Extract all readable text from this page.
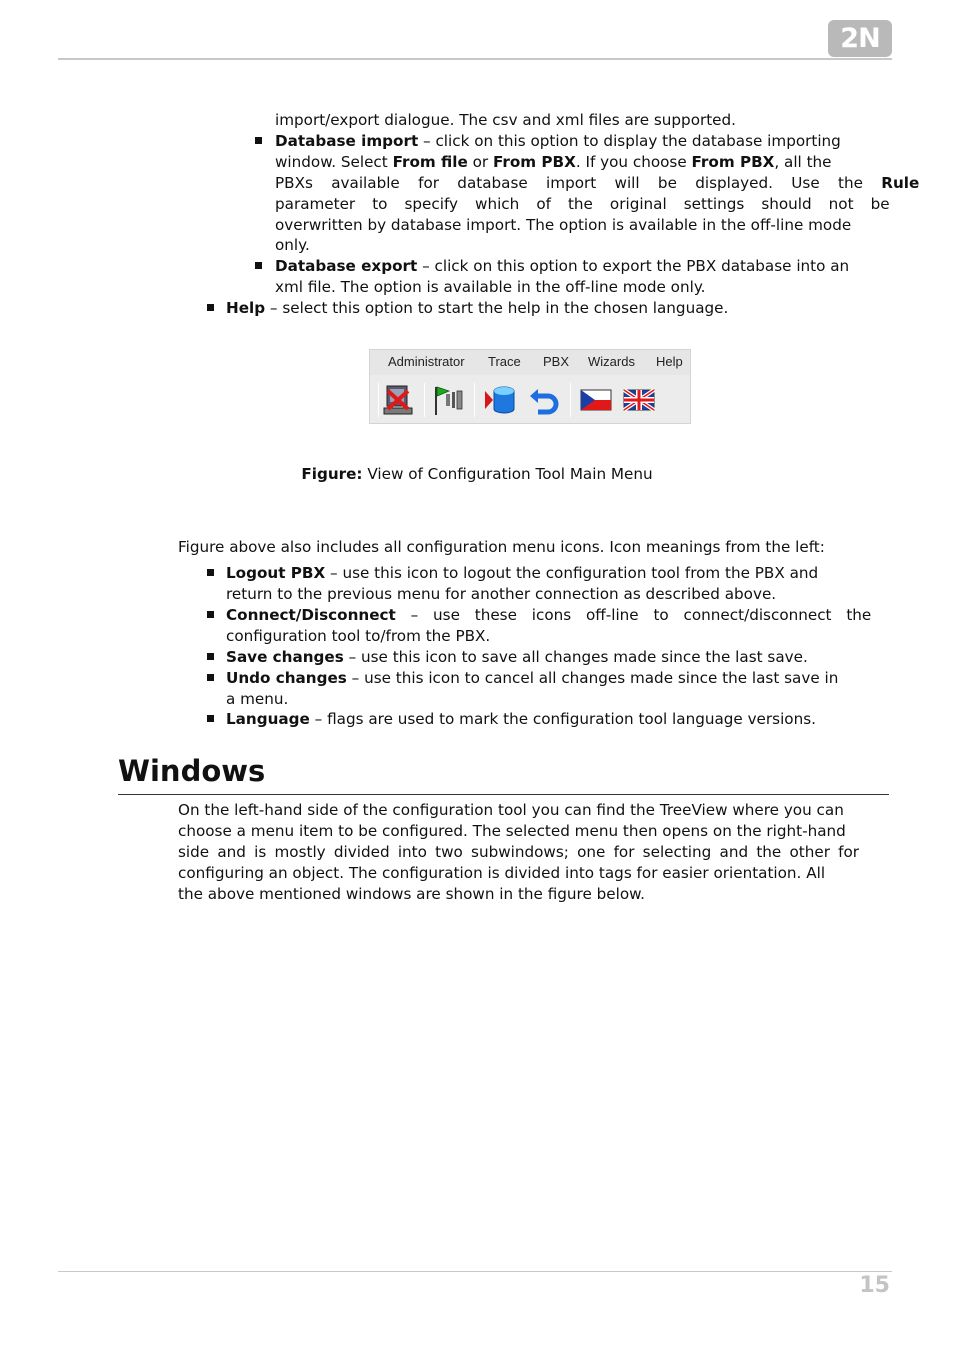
2N
import/export dialogue. The csv and xml files are supported.
Database import – click on this option to display the database importing
window. Select From file or From PBX. If you choose From PBX, all the
PBXs available for database import will be displayed. Use the Rule
parameter to specify which of the original settings should not be
overwritten by database import. The option is available in the off-line mode
only.
Database export – click on this option to export the PBX database into an
xml file. The option is available in the off-line mode only.
Help – select this option to start the help in the chosen language.
Administrator Trace PBX Wizards Help
Figure: View of Configuration Tool Main Menu
Figure above also includes all configuration menu icons. Icon meanings from the left:
Logout PBX – use this icon to logout the configuration tool from the PBX and
return to the previous menu for another connection as described above.
Connect/Disconnect – use these icons off-line to connect/disconnect the
configuration tool to/from the PBX.
Save changes – use this icon to save all changes made since the last save.
Undo changes – use this icon to cancel all changes made since the last save in
a menu.
Language – flags are used to mark the configuration tool language versions.
Windows
On the left-hand side of the configuration tool you can find the TreeView where you can
choose a menu item to be configured. The selected menu then opens on the right-hand
side and is mostly divided into two subwindows; one for selecting and the other for
configuring an object. The configuration is divided into tags for easier orientation. All
the above mentioned windows are shown in the figure below.
15
